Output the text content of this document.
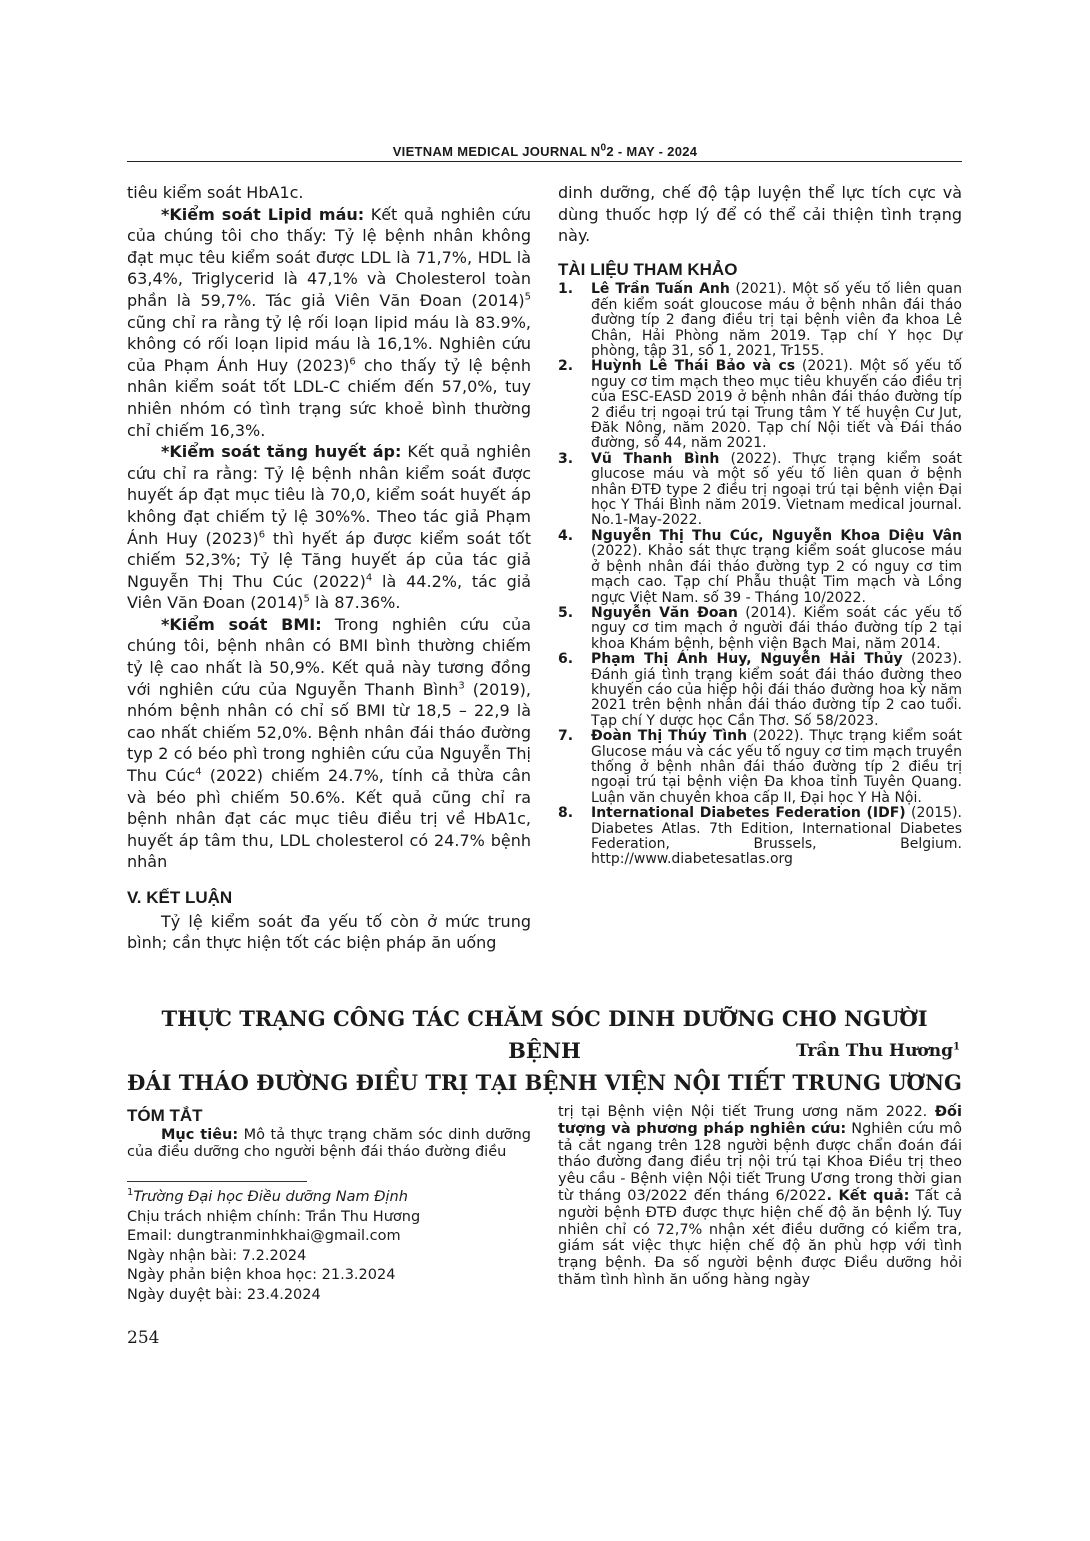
VIETNAM MEDICAL JOURNAL $N^02$ - MAY - 2024

tiêu kiểm soát HbA1c.

*Kiểm soát Lipid máu: Kết quả nghiên cứu của chúng tôi cho thấy: Tỷ lệ bệnh nhân không đạt mục têu kiểm soát được LDL là 71,7%, HDL là 63,4%, Triglycerid là 47,1% và Cholesterol toàn phần là 59,7%. Tác giả Viên Văn Đoan $(2014)^5$ cũng chỉ ra rằng tỷ lệ rối loạn lipid máu là 83.9%, không có rối loạn lipid máu là 16,1%. Nghiên cứu của Phạm Ánh Huy $(2023)^6$ cho thấy tỷ lệ bệnh nhân kiểm soát tốt LDL-C chiếm đến 57,0%, tuy nhiên nhóm có tình trạng sức khoẻ bình thường chỉ chiếm 16,3%.

*Kiểm soát tăng huyết áp: Kết quả nghiên cứu chỉ ra rằng: Tỷ lệ bệnh nhân kiểm soát được huyết áp đạt mục tiêu là 70,0, kiểm soát huyết áp không đạt chiếm tỷ lệ 30%%. Theo tác giả Phạm Ánh Huy $(2023)^6$ thì hyết áp được kiểm soát tốt chiếm 52,3%; Tỷ lệ Tăng huyết áp của tác giả Nguyễn Thị Thu Cúc $(2022)^4$ là 44.2%, tác giả Viên Văn Đoan $(2014)^5$ là 87.36%.

*Kiểm soát BMI: Trong nghiên cứu của chúng tôi, bệnh nhân có BMI bình thường chiếm tỷ lệ cao nhất là 50,9%. Kết quả này tương đồng với nghiên cứu của Nguyễn Thanh Bình$^3$ (2019), nhóm bệnh nhân có chỉ số BMI từ 18,5 – 22,9 là cao nhất chiếm 52,0%. Bệnh nhân đái tháo đường typ 2 có béo phì trong nghiên cứu của Nguyễn Thị Thu Cúc$^4$ (2022) chiếm 24.7%, tính cả thừa cân và béo phì chiếm 50.6%. Kết quả cũng chỉ ra bệnh nhân đạt các mục tiêu điều trị về HbA1c, huyết áp tâm thu, LDL cholesterol có 24.7% bệnh nhân

V. KẾT LUẬN

Tỷ lệ kiểm soát đa yếu tố còn ở mức trung bình; cần thực hiện tốt các biện pháp ăn uống

dinh dưỡng, chế độ tập luyện thể lực tích cực và dùng thuốc hợp lý để có thể cải thiện tình trạng này.

TÀI LIỆU THAM KHẢO
1. Lê Trần Tuấn Anh (2021). Một số yếu tố liên quan đến kiểm soát gloucose máu ở bệnh nhân đái tháo đường típ 2 đang điều trị tại bệnh viên đa khoa Lê Chân, Hải Phòng năm 2019. Tạp chí Y học Dự phòng, tập 31, số 1, 2021, Tr155.
2. Huỳnh Lê Thái Bảo và cs (2021). Một số yếu tố nguy cơ tim mạch theo mục tiêu khuyến cáo điều trị của ESC-EASD 2019 ở bệnh nhân đái tháo đường típ 2 điều trị ngoại trú tại Trung tâm Y tế huyện Cư Jut, Đăk Nông, năm 2020. Tạp chí Nội tiết và Đái tháo đường, số 44, năm 2021.
3. Vũ Thanh Bình (2022). Thực trạng kiểm soát glucose máu và một số yếu tố liên quan ở bệnh nhân ĐTĐ type 2 điều trị ngoại trú tại bệnh viện Đại học Y Thái Bình năm 2019. Vietnam medical journal. No.1-May-2022.
4. Nguyễn Thị Thu Cúc, Nguyễn Khoa Diệu Vân (2022). Khảo sát thực trạng kiểm soát glucose máu ở bệnh nhân đái tháo đường typ 2 có nguy cơ tim mạch cao. Tạp chí Phẫu thuật Tim mạch và Lồng ngực Việt Nam. số 39 - Tháng 10/2022.
5. Nguyễn Văn Đoan (2014). Kiểm soát các yếu tố nguy cơ tim mạch ở người đái tháo đường típ 2 tại khoa Khám bệnh, bệnh viện Bạch Mai, năm 2014.
6. Phạm Thị Ánh Huy, Nguyễn Hải Thủy (2023). Đánh giá tình trạng kiểm soát đái tháo đường theo khuyến cáo của hiệp hội đái tháo đường hoa kỳ năm 2021 trên bệnh nhân đái tháo đường típ 2 cao tuổi. Tạp chí Y dược học Cần Thơ. Số 58/2023.
7. Đoàn Thị Thúy Tình (2022). Thực trạng kiểm soát Glucose máu và các yếu tố nguy cơ tim mạch truyền thống ở bệnh nhân đái tháo đường típ 2 điều trị ngoại trú tại bệnh viện Đa khoa tỉnh Tuyên Quang. Luận văn chuyên khoa cấp II, Đại học Y Hà Nội.
8. International Diabetes Federation (IDF) (2015). Diabetes Atlas. 7th Edition, International Diabetes Federation, Brussels, Belgium. http://www.diabetesatlas.org
THỰC TRẠNG CÔNG TÁC CHĂM SÓC DINH DƯỠNG CHO NGƯỜI BỆNH
ĐÁI THÁO ĐƯỜNG ĐIỀU TRỊ TẠI BỆNH VIỆN NỘI TIẾT TRUNG ƯƠNG
Trần Thu Hương$^1$
TÓM TẮT

Mục tiêu: Mô tả thực trạng chăm sóc dinh dưỡng của điều dưỡng cho người bệnh đái tháo đường điều

trị tại Bệnh viện Nội tiết Trung ương năm 2022. Đối tượng và phương pháp nghiên cứu: Nghiên cứu mô tả cắt ngang trên 128 người bệnh được chẩn đoán đái tháo đường đang điều trị nội trú tại Khoa Điều trị theo yêu cầu - Bệnh viện Nội tiết Trung Ương trong thời gian từ tháng 03/2022 đến tháng 6/2022. Kết quả: Tất cả người bệnh ĐTĐ được thực hiện chế độ ăn bệnh lý. Tuy nhiên chỉ có 72,7% nhận xét điều dưỡng có kiểm tra, giám sát việc thực hiện chế độ ăn phù hợp với tình trạng bệnh. Đa số người bệnh được Điều dưỡng hỏi thăm tình hình ăn uống hàng ngày

$^1$Trường Đại học Điều dưỡng Nam Định
Chịu trách nhiệm chính: Trần Thu Hương
Email: dungtranminhkhai@gmail.com
Ngày nhận bài: 7.2.2024
Ngày phản biện khoa học: 21.3.2024
Ngày duyệt bài: 23.4.2024
254
